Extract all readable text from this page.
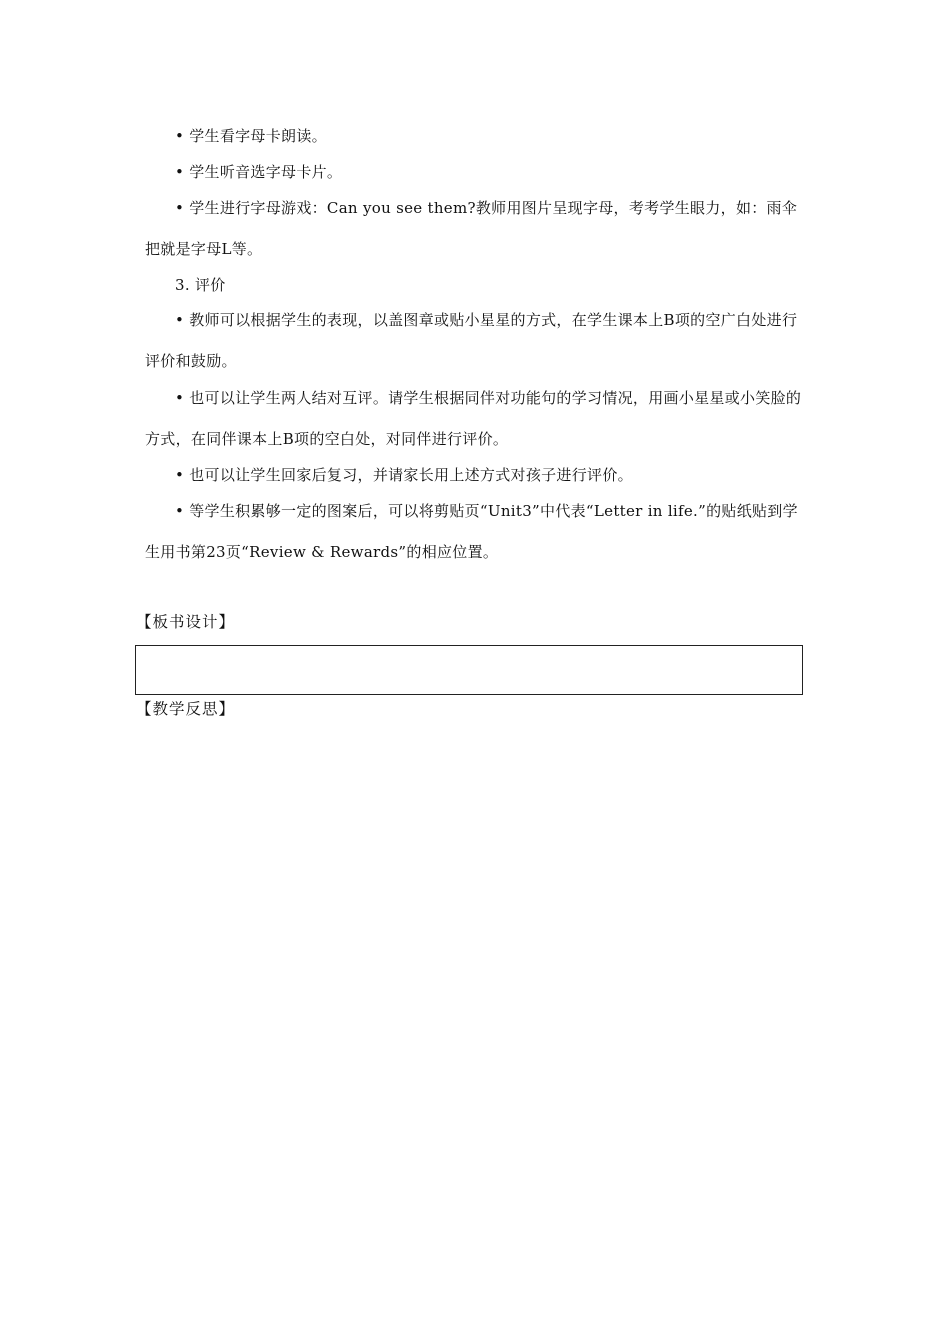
• 学生看字母卡朗读。
• 学生听音选字母卡片。
• 学生进行字母游戏：Can you see them?教师用图片呈现字母，考考学生眼力，如：雨伞把就是字母L等。
3. 评价
• 教师可以根据学生的表现，以盖图章或贴小星星的方式，在学生课本上B项的空广白处进行评价和鼓励。
• 也可以让学生两人结对互评。请学生根据同伴对功能句的学习情况，用画小星星或小笑脸的方式，在同伴课本上B项的空白处，对同伴进行评价。
• 也可以让学生回家后复习，并请家长用上述方式对孩子进行评价。
• 等学生积累够一定的图案后，可以将剪贴页“Unit3”中代表“Letter in life.”的贴纸贴到学生用书第23页“Review & Rewards”的相应位置。
【板书设计】
【教学反思】
